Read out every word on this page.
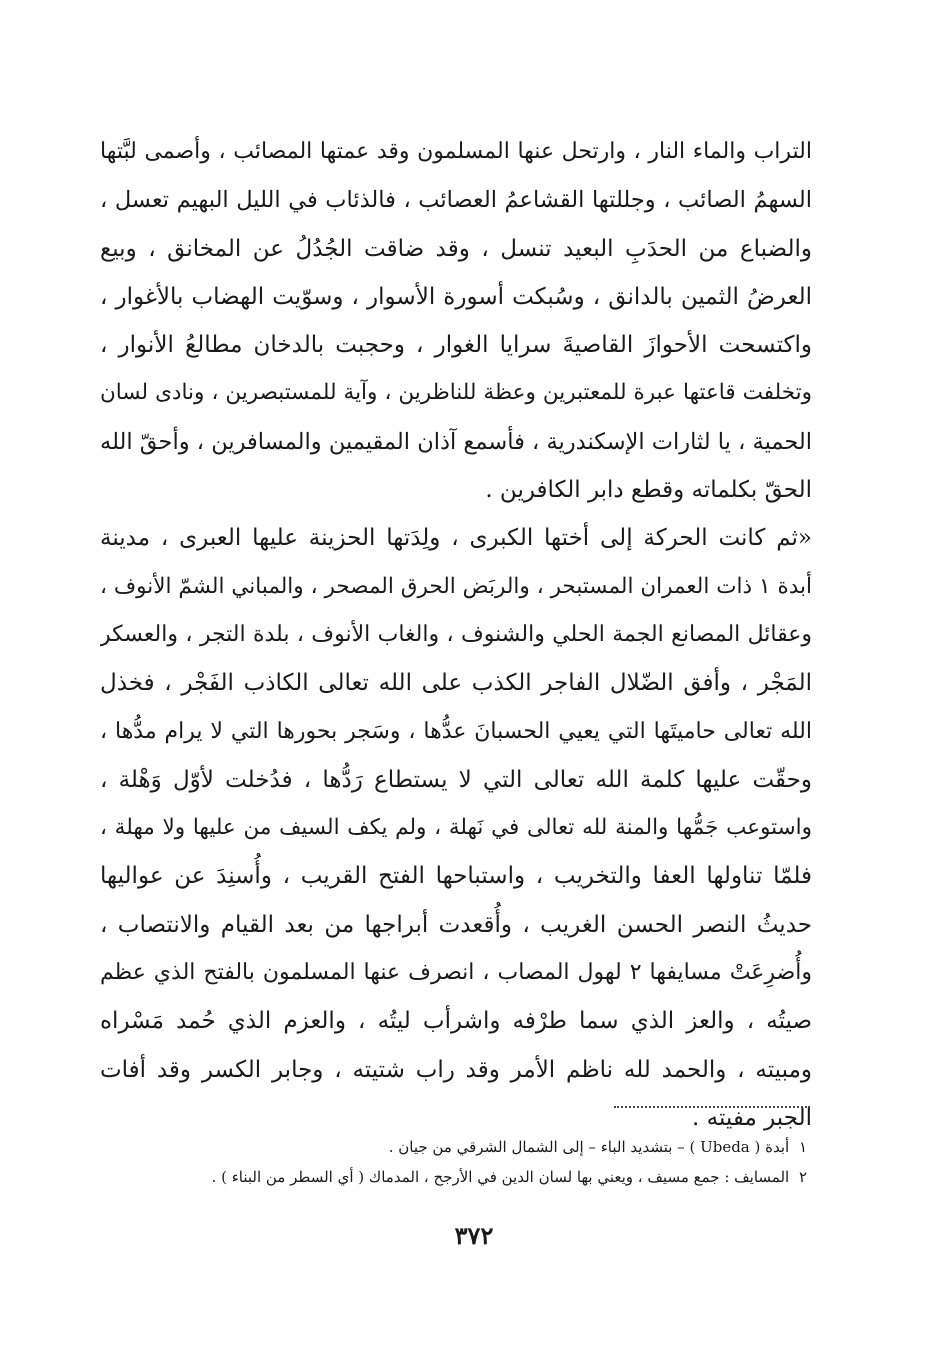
التراب والماء النار ، وارتحل عنها المسلمون وقد عمتها المصائب ، وأصمى لبَّتها
السهمُ الصائب ، وجللتها القشاعمُ العصائب ، فالذئاب في الليل البهيم تعسل ،
والضباع من الحدَبِ البعيد تنسل ، وقد ضاقت الجُدُلُ عن المخانق ، وبيع
العرضُ الثمين بالدانق ، وسُبكت أسورة الأسوار ، وسوّيت الهضاب بالأغوار ،
واكتسحت الأحوازَ القاصيةَ سرايا الغوار ، وحجبت بالدخان مطالعُ الأنوار ،
وتخلفت قاعتها عبرة للمعتبرين وعظة للناظرين ، وآية للمستبصرين ، ونادى لسان
الحمية ، يا لثارات الإسكندرية ، فأسمع آذان المقيمين والمسافرين ، وأحقّ الله
الحقّ بكلماته وقطع دابر الكافرين .
«ثم كانت الحركة إلى أختها الكبرى ، ولِدَتها الحزينة عليها العبرى ، مدينة
أبدة ١ ذات العمران المستبحر ، والربَض الحرق المصحر ، والمباني الشمّ الأنوف ،
وعقائل المصانع الجمة الحلي والشنوف ، والغاب الأنوف ، بلدة التجر ، والعسكر
المَجْر ، وأفق الضّلال الفاجر الكذب على الله تعالى الكاذب الفَجْر ، فخذل
الله تعالى حاميتَها التي يعيي الحسبانَ عدُّها ، وسَجر بحورها التي لا يرام مدُّها ،
وحقّت عليها كلمة الله تعالى التي لا يستطاع رَدُّها ، فدُخلت لأوّل وَهْلة ،
واستوعب جَمُّها والمنة لله تعالى في نَهلة ، ولم يكف السيف من عليها ولا مهلة ،
فلمّا تناولها العفا والتخريب ، واستباحها الفتح القريب ، وأُسنِدَ عن عواليها
حديثُ النصر الحسن الغريب ، وأُقعدت أبراجها من بعد القيام والانتصاب ،
وأُضرِعَتْ مسايفها ٢ لهول المصاب ، انصرف عنها المسلمون بالفتح الذي عظم
صيتُه ، والعز الذي سما طرْفه واشرأب ليتُه ، والعزم الذي حُمد مَسْراه
ومبيته ، والحمد لله ناظم الأمر وقد راب شتيته ، وجابر الكسر وقد أفات
الجبر مفيته .
١ أبدة ( Ubeda ) – بتشديد الباء – إلى الشمال الشرقي من جيان .
٢ المسايف : جمع مسيف ، ويعني بها لسان الدين في الأرجح ، المدماك ( أي السطر من البناء ) .
٣٧٢
